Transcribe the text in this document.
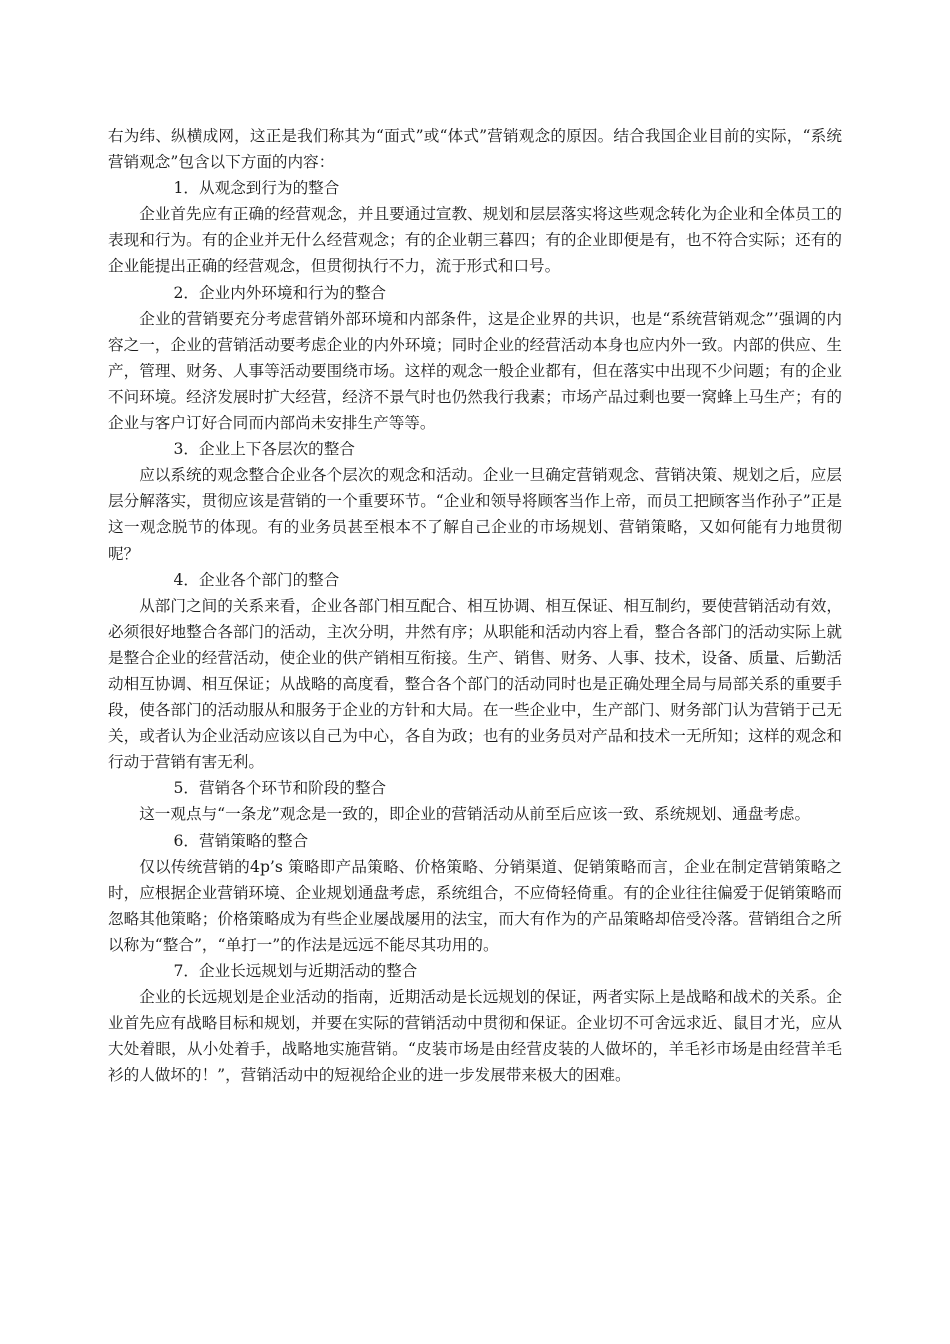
右为纬、纵横成网，这正是我们称其为“面式”或“体式”营销观念的原因。结合我国企业目前的实际，“系统营销观念”包含以下方面的内容：

1．从观念到行为的整合

企业首先应有正确的经营观念，并且要通过宣教、规划和层层落实将这些观念转化为企业和全体员工的表现和行为。有的企业并无什么经营观念；有的企业朝三暮四；有的企业即便是有，也不符合实际；还有的企业能提出正确的经营观念，但贯彻执行不力，流于形式和口号。

2．企业内外环境和行为的整合

企业的营销要充分考虑营销外部环境和内部条件，这是企业界的共识，也是“系统营销观念”’强调的内容之一，企业的营销活动要考虑企业的内外环境；同时企业的经营活动本身也应内外一致。内部的供应、生产，管理、财务、人事等活动要围绕市场。这样的观念一般企业都有，但在落实中出现不少问题；有的企业不问环境。经济发展时扩大经营，经济不景气时也仍然我行我素；市场产品过剩也要一窝蜂上马生产；有的企业与客户订好合同而内部尚未安排生产等等。

3．企业上下各层次的整合

应以系统的观念整合企业各个层次的观念和活动。企业一旦确定营销观念、营销决策、规划之后，应层层分解落实，贯彻应该是营销的一个重要环节。“企业和领导将顾客当作上帝，而员工把顾客当作孙子”正是这一观念脱节的体现。有的业务员甚至根本不了解自己企业的市场规划、营销策略，又如何能有力地贯彻呢？

4．企业各个部门的整合

从部门之间的关系来看，企业各部门相互配合、相互协调、相互保证、相互制约，要使营销活动有效，必须很好地整合各部门的活动，主次分明，井然有序；从职能和活动内容上看，整合各部门的活动实际上就是整合企业的经营活动，使企业的供产销相互衔接。生产、销售、财务、人事、技术，设备、质量、后勤活动相互协调、相互保证；从战略的高度看，整合各个部门的活动同时也是正确处理全局与局部关系的重要手段，使各部门的活动服从和服务于企业的方针和大局。在一些企业中，生产部门、财务部门认为营销于己无关，或者认为企业活动应该以自己为中心，各自为政；也有的业务员对产品和技术一无所知；这样的观念和行动于营销有害无利。

5．营销各个环节和阶段的整合

这一观点与“一条龙”观念是一致的，即企业的营销活动从前至后应该一致、系统规划、通盘考虑。

6．营销策略的整合

仅以传统营销的4p’s 策略即产品策略、价格策略、分销渠道、促销策略而言，企业在制定营销策略之时，应根据企业营销环境、企业规划通盘考虑，系统组合，不应倚轻倚重。有的企业往往偏爱于促销策略而忽略其他策略；价格策略成为有些企业屡战屡用的法宝，而大有作为的产品策略却倍受冷落。营销组合之所以称为“整合”，“单打一”的作法是远远不能尽其功用的。

7．企业长远规划与近期活动的整合

企业的长远规划是企业活动的指南，近期活动是长远规划的保证，两者实际上是战略和战术的关系。企业首先应有战略目标和规划，并要在实际的营销活动中贯彻和保证。企业切不可舍远求近、鼠目才光，应从大处着眼，从小处着手，战略地实施营销。“皮装市场是由经营皮装的人做坏的，羊毛衫市场是由经营羊毛衫的人做坏的！”，营销活动中的短视给企业的进一步发展带来极大的困难。
